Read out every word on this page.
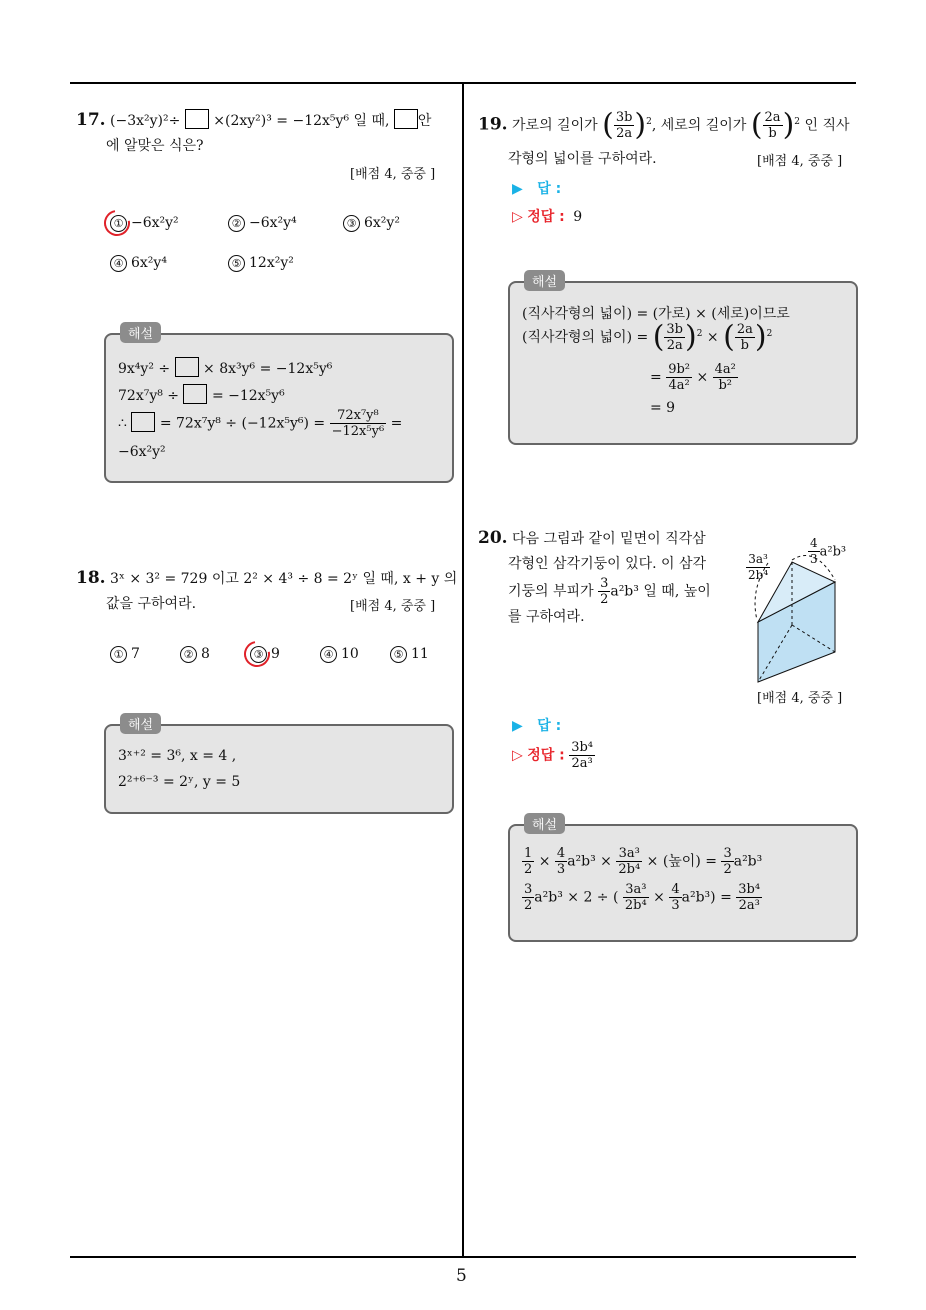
5
17. (−3x²y)²÷ ×(2xy²)³ = −12x⁵y⁶ 일 때, 안
에 알맞은 식은?
[배점 4, 중중 ]
① −6x²y²	② −6x²y⁴	③ 6x²y²
④ 6x²y⁴	⑤ 12x²y²
해설
9x⁴y² ÷ × 8x³y⁶ = −12x⁵y⁶
72x⁷y⁸ ÷ = −12x⁵y⁶
∴ = $72x^7y^8 \div (-12x^5y^6) = \frac{\text{72x⁷y⁸}}{\text{−12x⁵y⁶}}$ =
−6x²y²
18. 3ˣ × 3² = 729 이고 2² × 4³ ÷ 8 = 2ʸ 일 때, x + y 의
값을 구하여라.	[배점 4, 중중 ]
① 7	② 8	③ 9	④ 10	⑤ 11
해설
3ˣ⁺² = 3⁶, x = 4 ,
2²⁺⁶⁻³ = 2ʸ, y = 5
19. 가로의 길이가 ( $\frac{3b}{2a} )^2$, 세로의 길이가 ( $\frac{2a}{b} )^2$ 인 직사
각형의 넓이를 구하여라.	[배점 4, 중중 ]
▶ 답 :
▷ 정답 : 9
해설
(직사각형의 넓이) = (가로) × (세로)이므로
(직사각형의 넓이) = ( $\frac{3b}{2a} )^2$ × ( $\frac{2a}{b} )^2$
= $\frac{\text{9b²}}{\text{4a²}} \times \frac{\text{4a²}}{\text{b²}}$
= 9
20. 다음 그림과 같이 밑면이 직각삼
각형인 삼각기둥이 있다. 이 삼각
기둥의 부피가 $\frac{3}{2} a^2b^3$ 일 때, 높이
를 구하여라.
$\frac{\text{3a³}}{\text{2b⁴}}$
$\frac{4}{3} a^2b^3$
[배점 4, 중중 ]
▶ 답 :
▷ 정답 : $\frac{\text{3b⁴}}{\text{2a³}}$
해설
$\frac{1}{2} \times \frac{4}{3} a^2b^3 \times \frac{\text{3a³}}{\text{2b⁴}}$ × (높이) = $\frac{3}{2} a^2b^3$
$\frac{3}{2} a^2b^3 \times 2$ ÷ ( $\frac{\text{3a³}}{\text{2b⁴}} \times \frac{4}{3} a^2b^3) = \frac{\text{3b⁴}}{\text{2a³}}$
